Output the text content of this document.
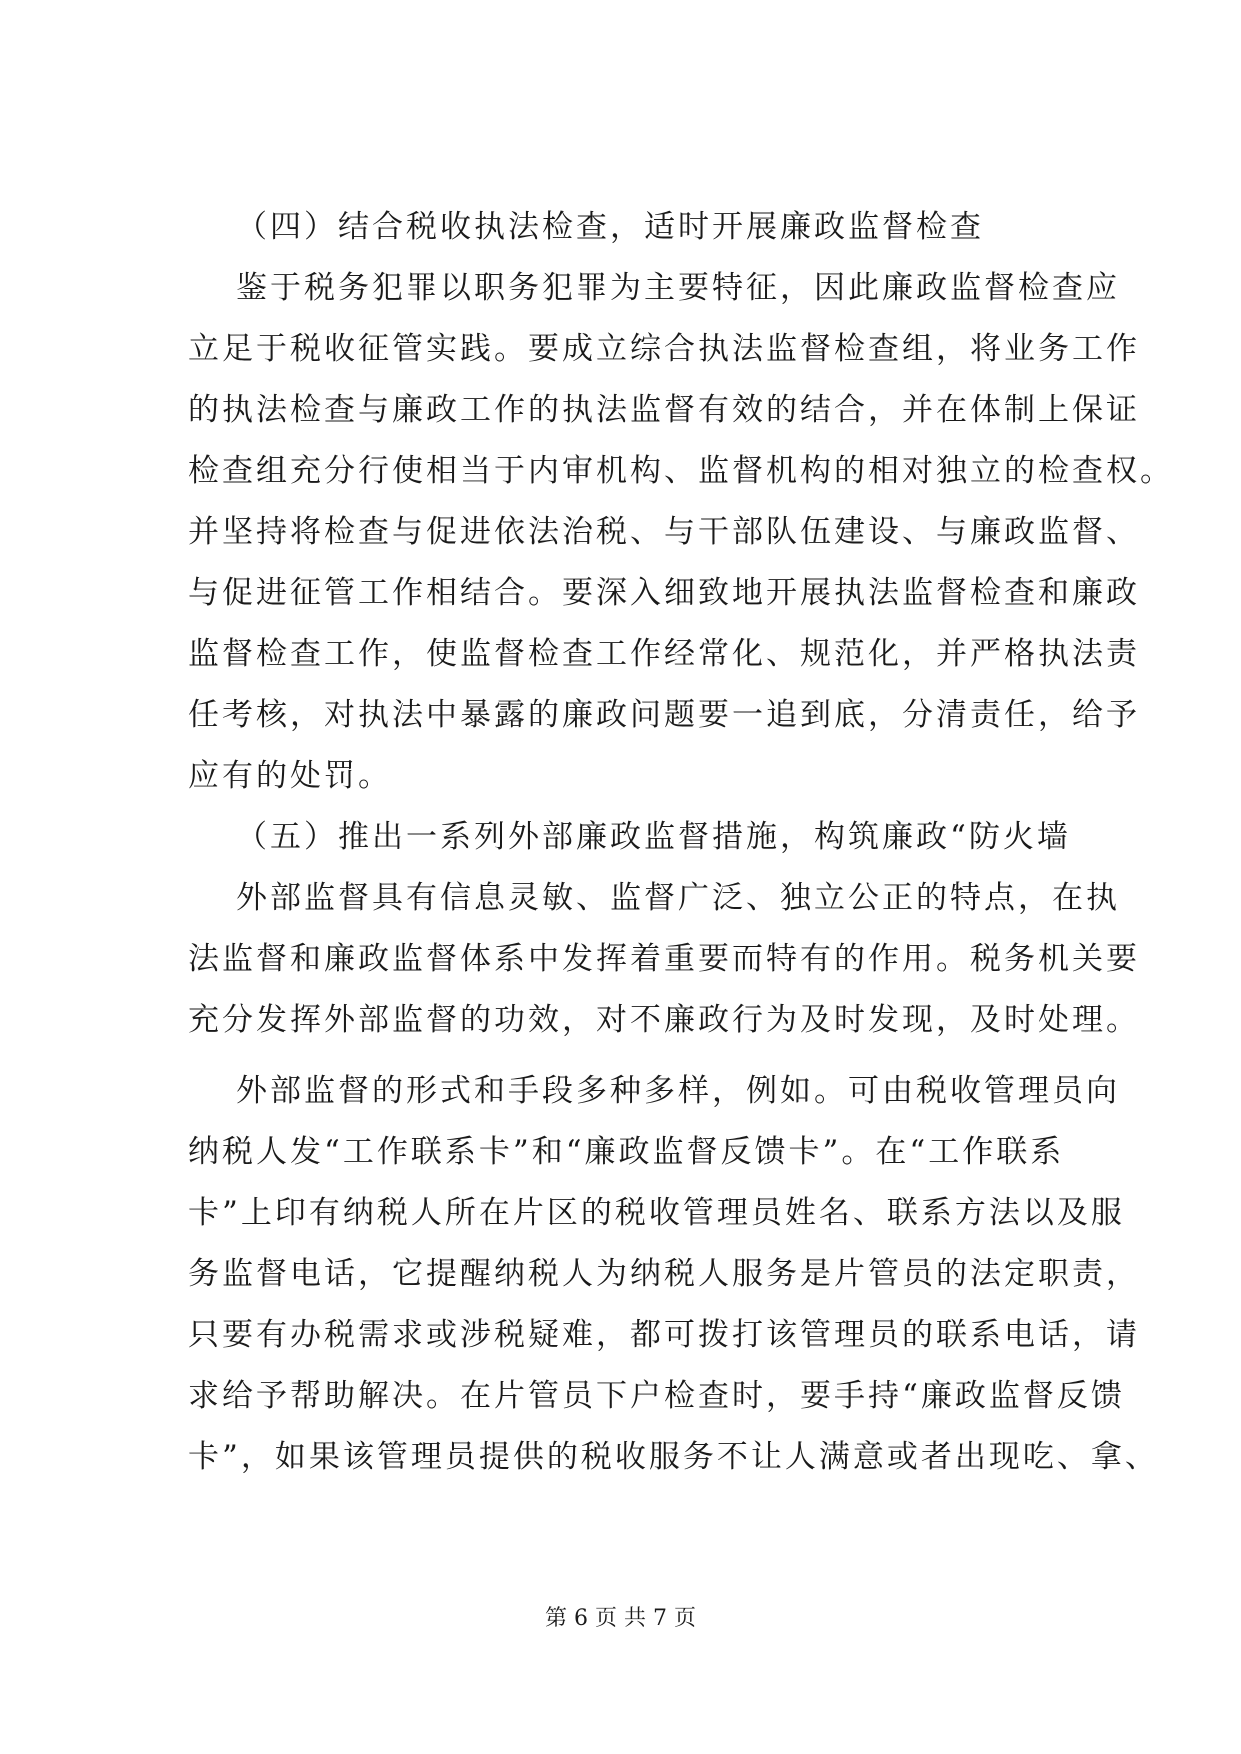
（四）结合税收执法检查，适时开展廉政监督检查
鉴于税务犯罪以职务犯罪为主要特征，因此廉政监督检查应
立足于税收征管实践。要成立综合执法监督检查组，将业务工作
的执法检查与廉政工作的执法监督有效的结合，并在体制上保证
检查组充分行使相当于内审机构、监督机构的相对独立的检查权。
并坚持将检查与促进依法治税、与干部队伍建设、与廉政监督、
与促进征管工作相结合。要深入细致地开展执法监督检查和廉政
监督检查工作，使监督检查工作经常化、规范化，并严格执法责
任考核，对执法中暴露的廉政问题要一追到底，分清责任，给予
应有的处罚。
（五）推出一系列外部廉政监督措施，构筑廉政“防火墙
外部监督具有信息灵敏、监督广泛、独立公正的特点，在执
法监督和廉政监督体系中发挥着重要而特有的作用。税务机关要
充分发挥外部监督的功效，对不廉政行为及时发现，及时处理。
外部监督的形式和手段多种多样，例如。可由税收管理员向
纳税人发“工作联系卡”和“廉政监督反馈卡”。在“工作联系
卡”上印有纳税人所在片区的税收管理员姓名、联系方法以及服
务监督电话，它提醒纳税人为纳税人服务是片管员的法定职责，
只要有办税需求或涉税疑难，都可拨打该管理员的联系电话，请
求给予帮助解决。在片管员下户检查时，要手持“廉政监督反馈
卡”，如果该管理员提供的税收服务不让人满意或者出现吃、拿、
第 6 页 共 7 页
